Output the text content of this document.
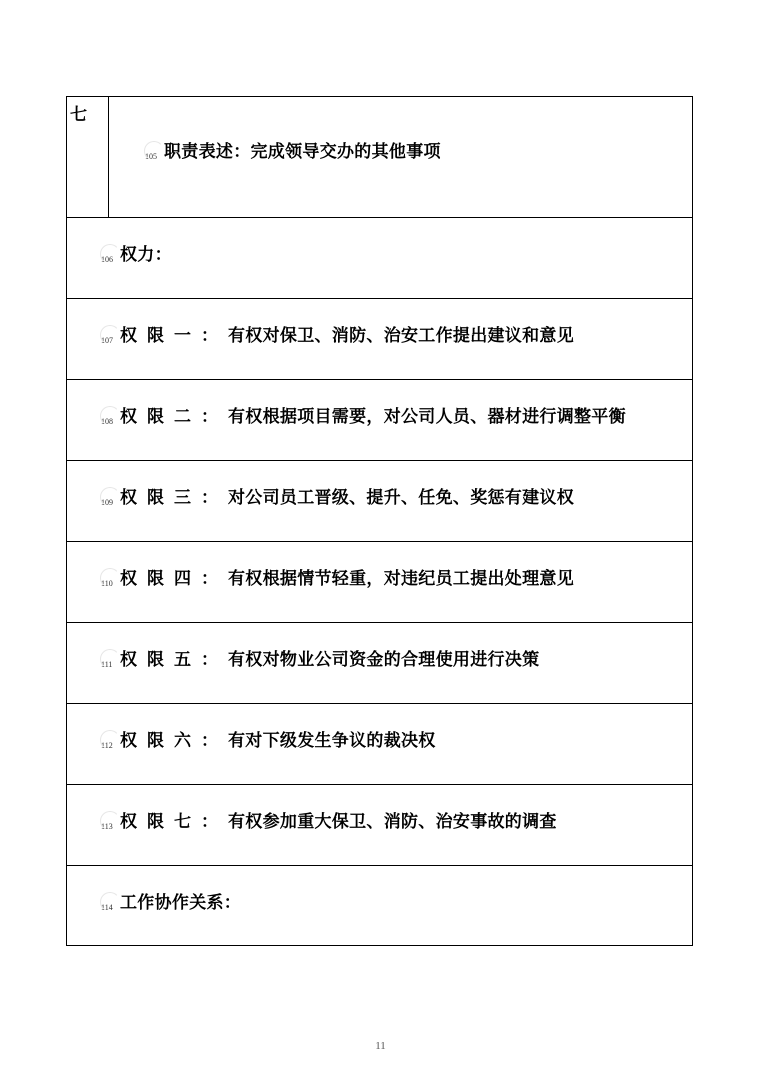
七
105 职责表述：完成领导交办的其他事项
106 权力：
107 权 限 一 ： 有权对保卫、消防、治安工作提出建议和意见
108 权 限 二 ： 有权根据项目需要，对公司人员、器材进行调整平衡
109 权 限 三 ： 对公司员工晋级、提升、任免、奖惩有建议权
110 权 限 四 ： 有权根据情节轻重，对违纪员工提出处理意见
111 权 限 五 ： 有权对物业公司资金的合理使用进行决策
112 权 限 六 ： 有对下级发生争议的裁决权
113 权 限 七 ： 有权参加重大保卫、消防、治安事故的调查
114 工作协作关系：
11
